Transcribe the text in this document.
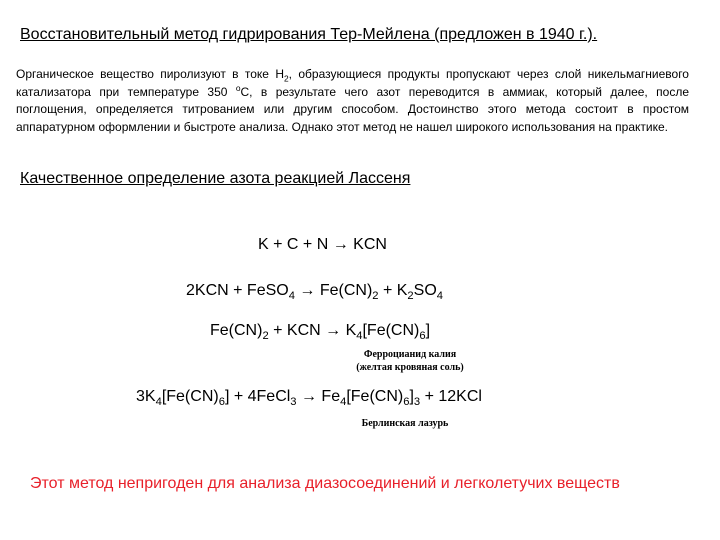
Восстановительный метод гидрирования Тер-Мейлена (предложен в 1940 г.).
Органическое вещество пиролизуют в токе $Н_2$, образующиеся продукты пропускают через слой никельмагниевого катализатора при температуре 350 $^о$С, в результате чего азот переводится в аммиак, который далее, после поглощения, определяется титрованием или другим способом. Достоинство этого метода состоит в простом аппаратурном оформлении и быстроте анализа. Однако этот метод не нашел широкого использования на практике.
Качественное определение азота реакцией Лассеня
K + C + N → KCN
2KCN + FeSO$_4$ → $Fe(CN)_2 + K_2SO_4$
$Fe(CN)_2$ + KCN → $K_4[Fe(CN)_6]$
Ферроцианид калия
(желтая кровяная соль)
$3K_4[Fe(CN)_6]$ + 4FeCl$_3$ → $Fe_4[Fe(CN)_6]_3 + 12KCl$
Берлинская лазурь
Этот метод непригоден для анализа диазосоединений и легколетучих веществ
